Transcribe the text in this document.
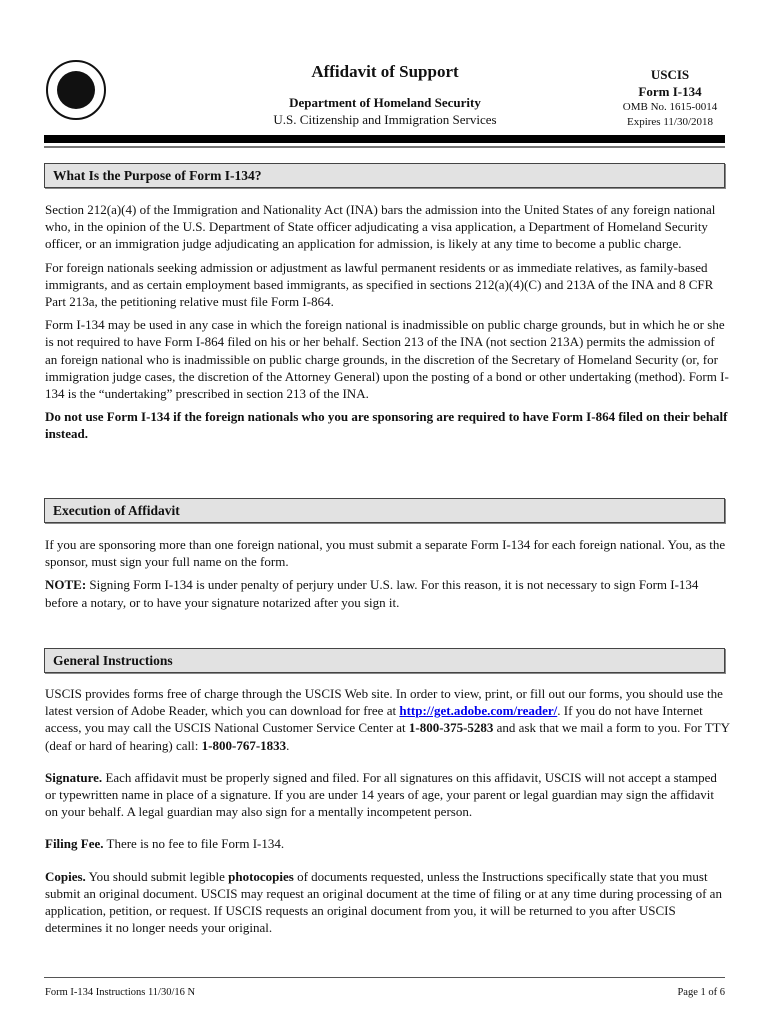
Affidavit of Support
Department of Homeland Security
U.S. Citizenship and Immigration Services
USCIS
Form I-134
OMB No. 1615-0014
Expires 11/30/2018
What Is the Purpose of Form I-134?

Section 212(a)(4) of the Immigration and Nationality Act (INA) bars the admission into the United States of any foreign national who, in the opinion of the U.S. Department of State officer adjudicating a visa application, a Department of Homeland Security officer, or an immigration judge adjudicating an application for admission, is likely at any time to become a public charge.

For foreign nationals seeking admission or adjustment as lawful permanent residents or as immediate relatives, as family-based immigrants, and as certain employment based immigrants, as specified in sections 212(a)(4)(C) and 213A of the INA and 8 CFR Part 213a, the petitioning relative must file Form I-864.

Form I-134 may be used in any case in which the foreign national is inadmissible on public charge grounds, but in which he or she is not required to have Form I-864 filed on his or her behalf. Section 213 of the INA (not section 213A) permits the admission of an foreign national who is inadmissible on public charge grounds, in the discretion of the Secretary of Homeland Security (or, for immigration judge cases, the discretion of the Attorney General) upon the posting of a bond or other undertaking (method). Form I-134 is the “undertaking” prescribed in section 213 of the INA.

Do not use Form I-134 if the foreign nationals who you are sponsoring are required to have Form I-864 filed on their behalf instead.

Execution of Affidavit

If you are sponsoring more than one foreign national, you must submit a separate Form I-134 for each foreign national. You, as the sponsor, must sign your full name on the form.

NOTE: Signing Form I-134 is under penalty of perjury under U.S. law. For this reason, it is not necessary to sign Form I-134 before a notary, or to have your signature notarized after you sign it.

General Instructions

USCIS provides forms free of charge through the USCIS Web site. In order to view, print, or fill out our forms, you should use the latest version of Adobe Reader, which you can download for free at http://get.adobe.com/reader/. If you do not have Internet access, you may call the USCIS National Customer Service Center at 1-800-375-5283 and ask that we mail a form to you. For TTY (deaf or hard of hearing) call: 1-800-767-1833.

Signature. Each affidavit must be properly signed and filed. For all signatures on this affidavit, USCIS will not accept a stamped or typewritten name in place of a signature. If you are under 14 years of age, your parent or legal guardian may sign the affidavit on your behalf. A legal guardian may also sign for a mentally incompetent person.

Filing Fee. There is no fee to file Form I-134.

Copies. You should submit legible photocopies of documents requested, unless the Instructions specifically state that you must submit an original document. USCIS may request an original document at the time of filing or at any time during processing of an application, petition, or request. If USCIS requests an original document from you, it will be returned to you after USCIS determines it no longer needs your original.

Form I-134 Instructions 11/30/16 N	Page 1 of 6
